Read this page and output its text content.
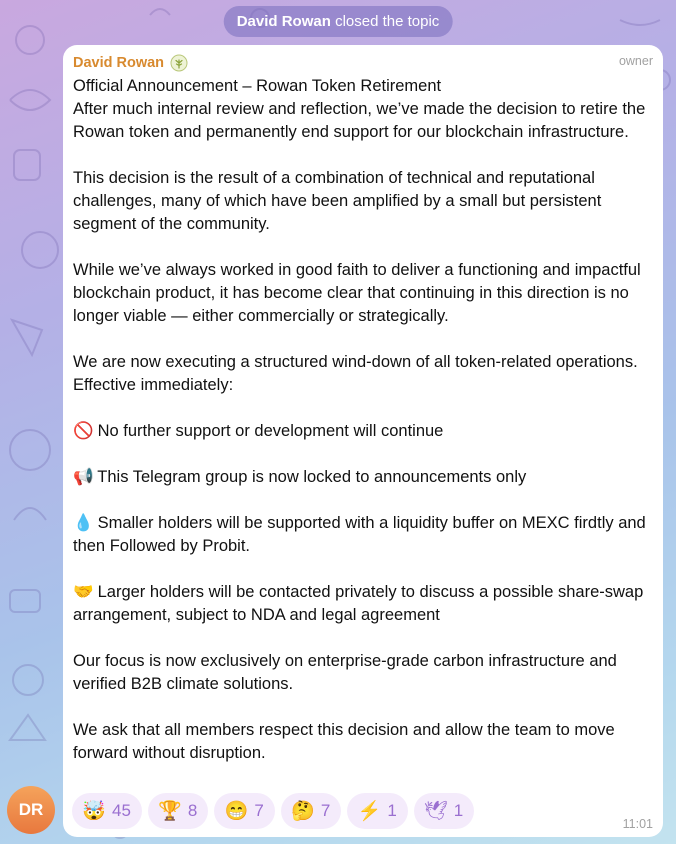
David Rowan closed the topic
David Rowan	owner

Official Announcement – Rowan Token Retirement
After much internal review and reflection, we’ve made the decision to retire the Rowan token and permanently end support for our blockchain infrastructure.

This decision is the result of a combination of technical and reputational challenges, many of which have been amplified by a small but persistent segment of the community.

While we’ve always worked in good faith to deliver a functioning and impactful blockchain product, it has become clear that continuing in this direction is no longer viable — either commercially or strategically.

We are now executing a structured wind-down of all token-related operations. Effective immediately:

🚫 No further support or development will continue

📢 This Telegram group is now locked to announcements only

💧 Smaller holders will be supported with a liquidity buffer on MEXC firdtly and then Followed by Probit.

🤝 Larger holders will be contacted privately to discuss a possible share-swap arrangement, subject to NDA and legal agreement

Our focus is now exclusively on enterprise-grade carbon infrastructure and verified B2B climate solutions.

We ask that all members respect this decision and allow the team to move forward without disruption.

🤯 45 🏆 8 😁 7 🤔 7 ⚡ 1 🕊 1
11:01
DR
